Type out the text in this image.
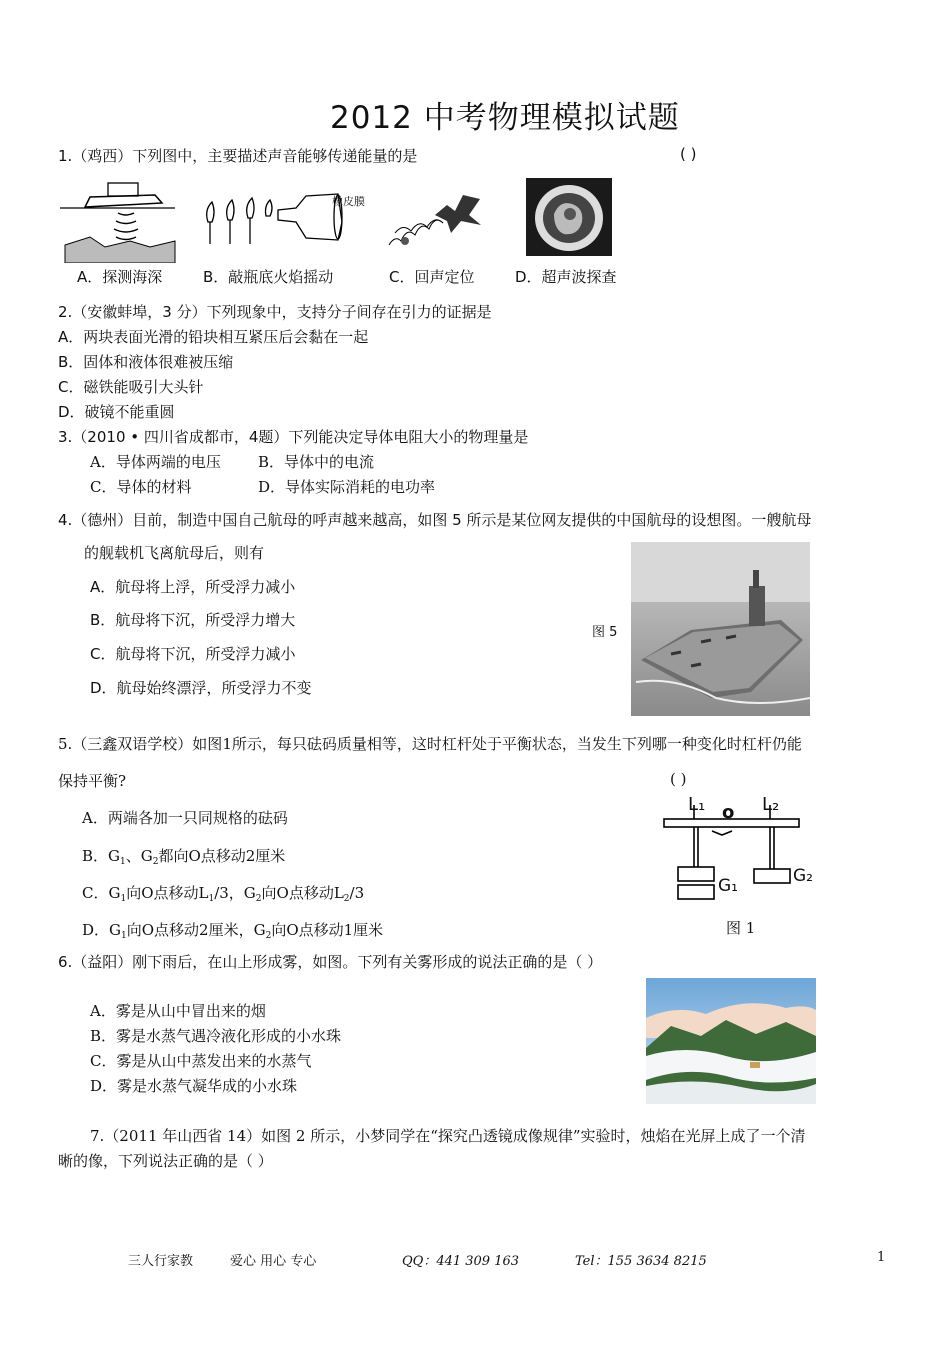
2012 中考物理模拟试题
1.（鸡西）下列图中，主要描述声音能够传递能量的是	( )
橡皮膜
A．探测海深	B．敲瓶底火焰摇动	C．回声定位	D．超声波探查
2.（安徽蚌埠，3 分）下列现象中，支持分子间存在引力的证据是
A．两块表面光滑的铅块相互紧压后会黏在一起
B．固体和液体很难被压缩
C．磁铁能吸引大头针
D．破镜不能重圆
3.（2010 • 四川省成都市，4题）下列能决定导体电阻大小的物理量是
A．导体两端的电压 B．导体中的电流
C．导体的材料	D．导体实际消耗的电功率
4.（德州）目前，制造中国自己航母的呼声越来越高，如图 5 所示是某位网友提供的中国航母的设想图。一艘航母
的舰载机飞离航母后，则有
A．航母将上浮，所受浮力减小
B．航母将下沉，所受浮力增大
C．航母将下沉，所受浮力减小
D．航母始终漂浮，所受浮力不变
图 5
5.（三鑫双语学校）如图1所示，每只砝码质量相等，这时杠杆处于平衡状态，当发生下列哪一种变化时杠杆仍能
保持平衡?	( )
A．两端各加一只同规格的砝码
B．$G_1$、$G_2$都向O点移动2厘米
C．$G_1$向O点移动$L_1/3$，$G_2$向O点移动$L_2/3$
D．$G_1$向O点移动2厘米，$G_2$向O点移动1厘米
L₁ o L₂
G₁	G₂
图 1
6.（益阳）刚下雨后，在山上形成雾，如图。下列有关雾形成的说法正确的是（ ）
A．雾是从山中冒出来的烟
B．雾是水蒸气遇冷液化形成的小水珠
C．雾是从山中蒸发出来的水蒸气
D．雾是水蒸气凝华成的小水珠
7.（2011 年山西省 14）如图 2 所示，小梦同学在“探究凸透镜成像规律”实验时，烛焰在光屏上成了一个清
晰的像，下列说法正确的是（ ）
三人行家教	爱心 用心 专心	QQ：441 309 163	Tel：155 3634 8215	1
